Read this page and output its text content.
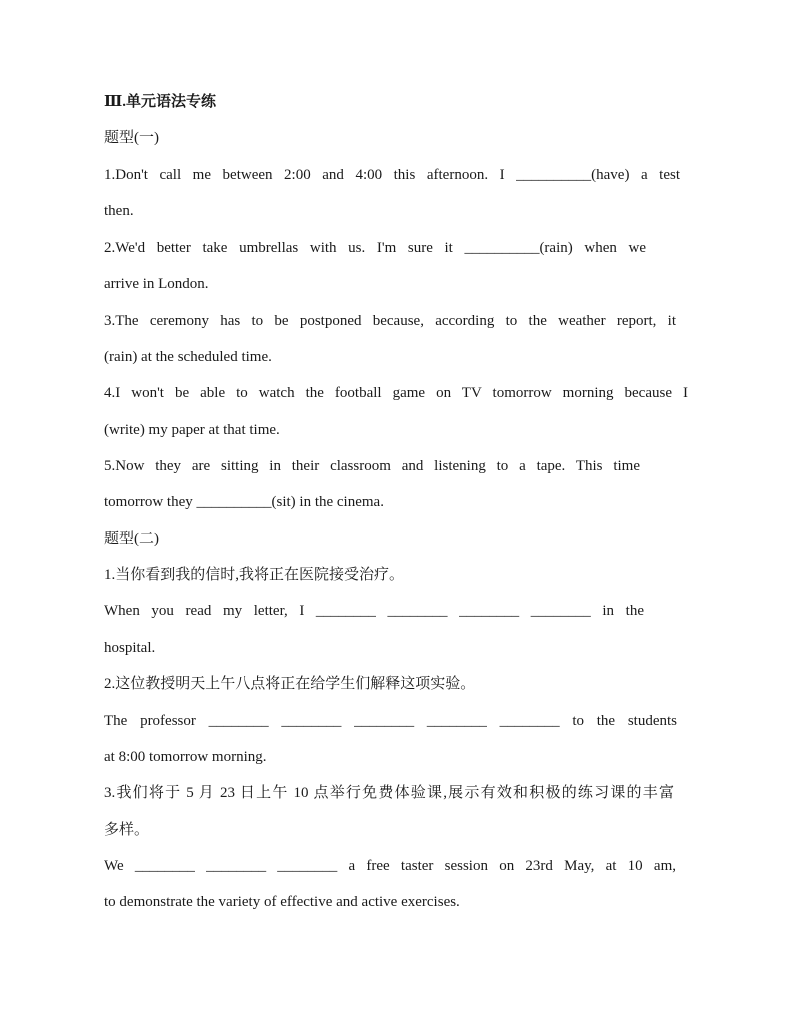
Ⅲ.单元语法专练
题型(一)
1.Don't call me between 2:00 and 4:00 this afternoon. I __________(have) a test
then.
2.We'd better take umbrellas with us. I'm sure it __________(rain) when we
arrive in London.
3.The ceremony has to be postponed because, according to the weather report, it
(rain) at the scheduled time.
4.I won't be able to watch the football game on TV tomorrow morning because I
(write) my paper at that time.
5.Now they are sitting in their classroom and listening to a tape. This time
tomorrow they __________(sit) in the cinema.
题型(二)
1.当你看到我的信时,我将正在医院接受治疗。
When you read my letter, I ________ ________ ________ ________ in the
hospital.
2.这位教授明天上午八点将正在给学生们解释这项实验。
The professor ________ ________ ________ ________ ________ to the students
at 8:00 tomorrow morning.
3.我们将于 5 月 23 日上午 10 点举行免费体验课,展示有效和积极的练习课的丰富
多样。
We ________ ________ ________ a free taster session on 23rd May, at 10 am,
to demonstrate the variety of effective and active exercises.
